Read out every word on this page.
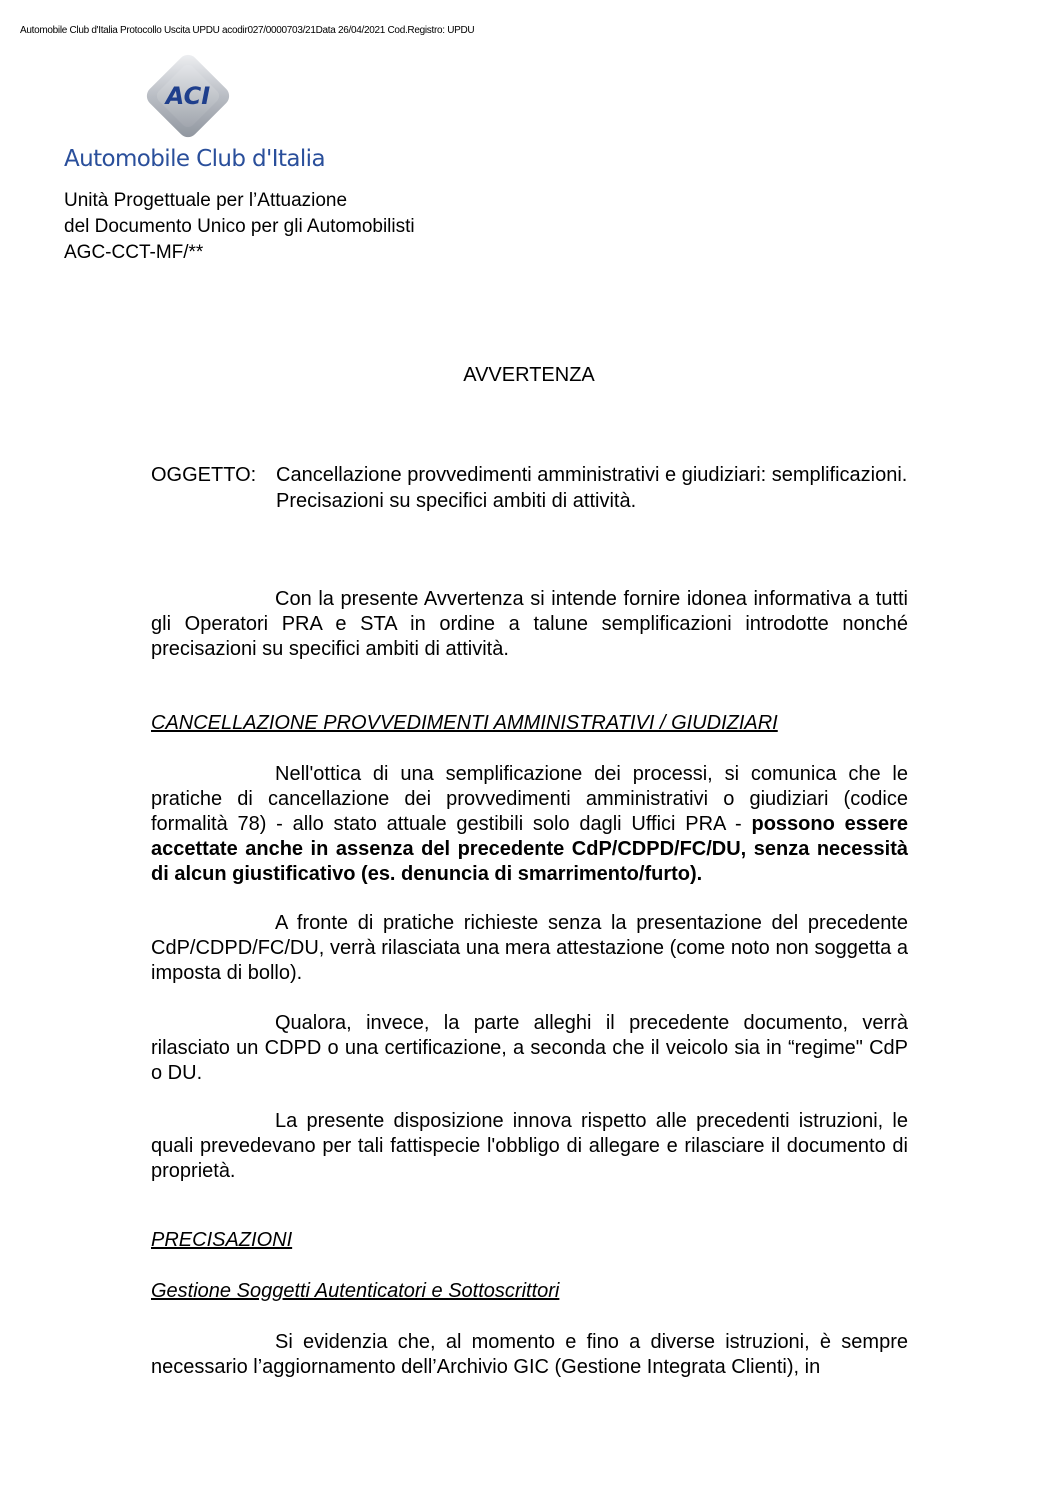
Automobile Club d'Italia Protocollo Uscita UPDU acodir027/0000703/21Data 26/04/2021 Cod.Registro: UPDU
ACI
Automobile Club d'Italia
Unità Progettuale per l’Attuazione
del Documento Unico per gli Automobilisti
AGC-CCT-MF/**
AVVERTENZA
OGGETTO: Cancellazione provvedimenti amministrativi e giudiziari: semplificazioni.
Precisazioni su specifici ambiti di attività.

Con la presente Avvertenza si intende fornire idonea informativa a tutti gli Operatori PRA e STA in ordine a talune semplificazioni introdotte nonché precisazioni su specifici ambiti di attività.

CANCELLAZIONE PROVVEDIMENTI AMMINISTRATIVI / GIUDIZIARI

Nell'ottica di una semplificazione dei processi, si comunica che le pratiche di cancellazione dei provvedimenti amministrativi o giudiziari (codice formalità 78) - allo stato attuale gestibili solo dagli Uffici PRA - possono essere accettate anche in assenza del precedente CdP/CDPD/FC/DU, senza necessità di alcun giustificativo (es. denuncia di smarrimento/furto).

A fronte di pratiche richieste senza la presentazione del precedente CdP/CDPD/FC/DU, verrà rilasciata una mera attestazione (come noto non soggetta a imposta di bollo).

Qualora, invece, la parte alleghi il precedente documento, verrà rilasciato un CDPD o una certificazione, a seconda che il veicolo sia in “regime" CdP o DU.

La presente disposizione innova rispetto alle precedenti istruzioni, le quali prevedevano per tali fattispecie l'obbligo di allegare e rilasciare il documento di proprietà.

PRECISAZIONI
Gestione Soggetti Autenticatori e Sottoscrittori

Si evidenzia che, al momento e fino a diverse istruzioni, è sempre necessario l’aggiornamento dell’Archivio GIC (Gestione Integrata Clienti), in
